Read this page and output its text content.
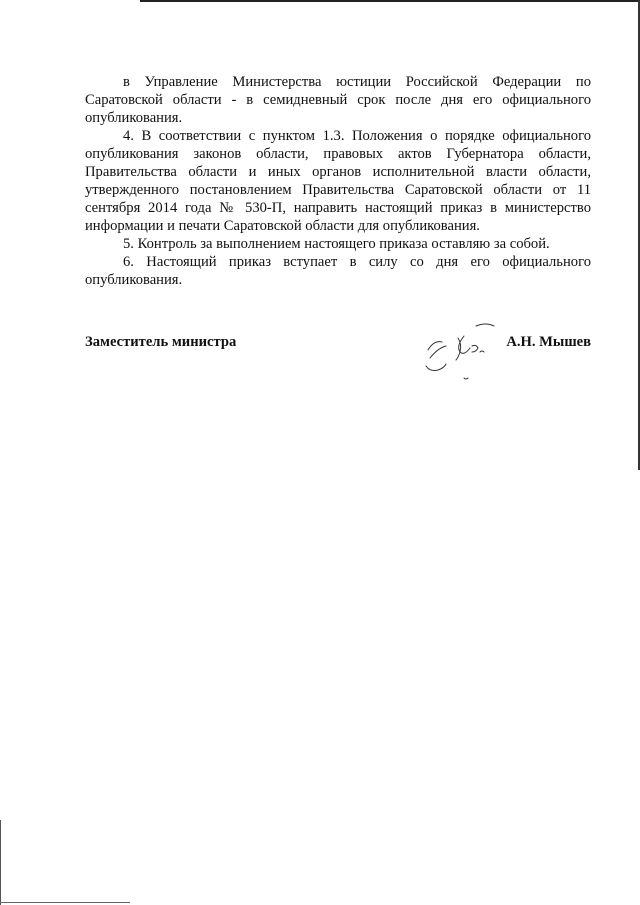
в Управление Министерства юстиции Российской Федерации по Саратовской области - в семидневный срок после дня его официального опубликования.

4. В соответствии с пунктом 1.3. Положения о порядке официального опубликования законов области, правовых актов Губернатора области, Правительства области и иных органов исполнительной власти области, утвержденного постановлением Правительства Саратовской области от 11 сентября 2014 года № 530-П, направить настоящий приказ в министерство информации и печати Саратовской области для опубликования.

5. Контроль за выполнением настоящего приказа оставляю за собой.

6. Настоящий приказ вступает в силу со дня его официального опубликования.

Заместитель министра	А.Н. Мышев
